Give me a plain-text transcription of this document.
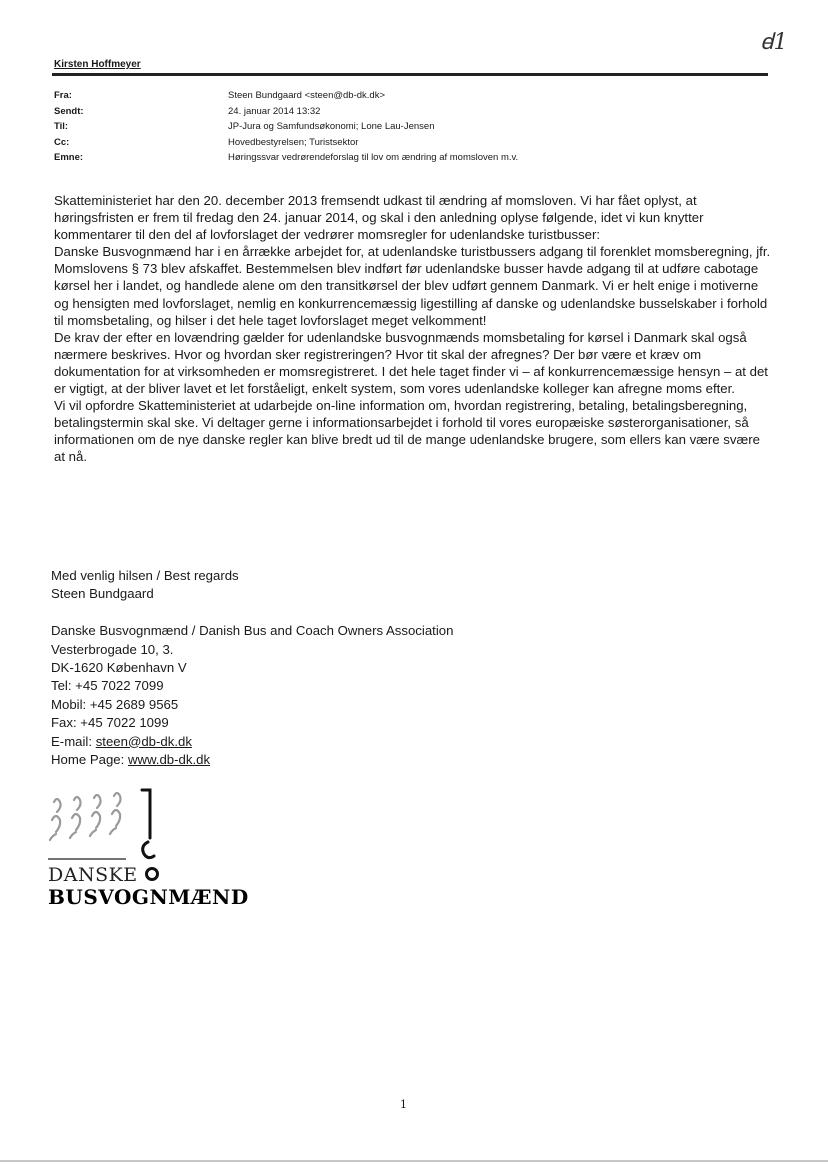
ꟈ1
Kirsten Hoffmeyer
Fra:	Steen Bundgaard <steen@db-dk.dk>
Sendt:	24. januar 2014 13:32
Til:	JP-Jura og Samfundsøkonomi; Lone Lau-Jensen
Cc:	Hovedbestyrelsen; Turistsektor
Emne:	Høringssvar vedrørendeforslag til lov om ændring af momsloven m.v.

Skatteministeriet har den 20. december 2013 fremsendt udkast til ændring af momsloven. Vi har fået oplyst, at høringsfristen er frem til fredag den 24. januar 2014, og skal i den anledning oplyse følgende, idet vi kun knytter kommentarer til den del af lovforslaget der vedrører momsregler for udenlandske turistbusser:

Danske Busvognmænd har i en årrække arbejdet for, at udenlandske turistbussers adgang til forenklet momsberegning, jfr. Momslovens § 73 blev afskaffet. Bestemmelsen blev indført før udenlandske busser havde adgang til at udføre cabotage kørsel her i landet, og handlede alene om den transitkørsel der blev udført gennem Danmark. Vi er helt enige i motiverne og hensigten med lovforslaget, nemlig en konkurrencemæssig ligestilling af danske og udenlandske busselskaber i forhold til momsbetaling, og hilser i det hele taget lovforslaget meget velkomment!

De krav der efter en lovændring gælder for udenlandske busvognmænds momsbetaling for kørsel i Danmark skal også nærmere beskrives. Hvor og hvordan sker registreringen? Hvor tit skal der afregnes? Der bør være et kræv om dokumentation for at virksomheden er momsregistreret. I det hele taget finder vi – af konkurrencemæssige hensyn – at det er vigtigt, at der bliver lavet et let forståeligt, enkelt system, som vores udenlandske kolleger kan afregne moms efter.

Vi vil opfordre Skatteministeriet at udarbejde on-line information om, hvordan registrering, betaling, betalingsberegning, betalingstermin skal ske. Vi deltager gerne i informationsarbejdet i forhold til vores europæiske søsterorganisationer, så informationen om de nye danske regler kan blive bredt ud til de mange udenlandske brugere, som ellers kan være svære at nå.

Med venlig hilsen / Best regards
Steen Bundgaard
Danske Busvognmænd / Danish Bus and Coach Owners Association
Vesterbrogade 10, 3.
DK-1620 København V
Tel: +45 7022 7099
Mobil: +45 2689 9565
Fax: +45 7022 1099
E-mail: steen@db-dk.dk
Home Page: www.db-dk.dk
DANSKE
BUSVOGNMÆND
1
